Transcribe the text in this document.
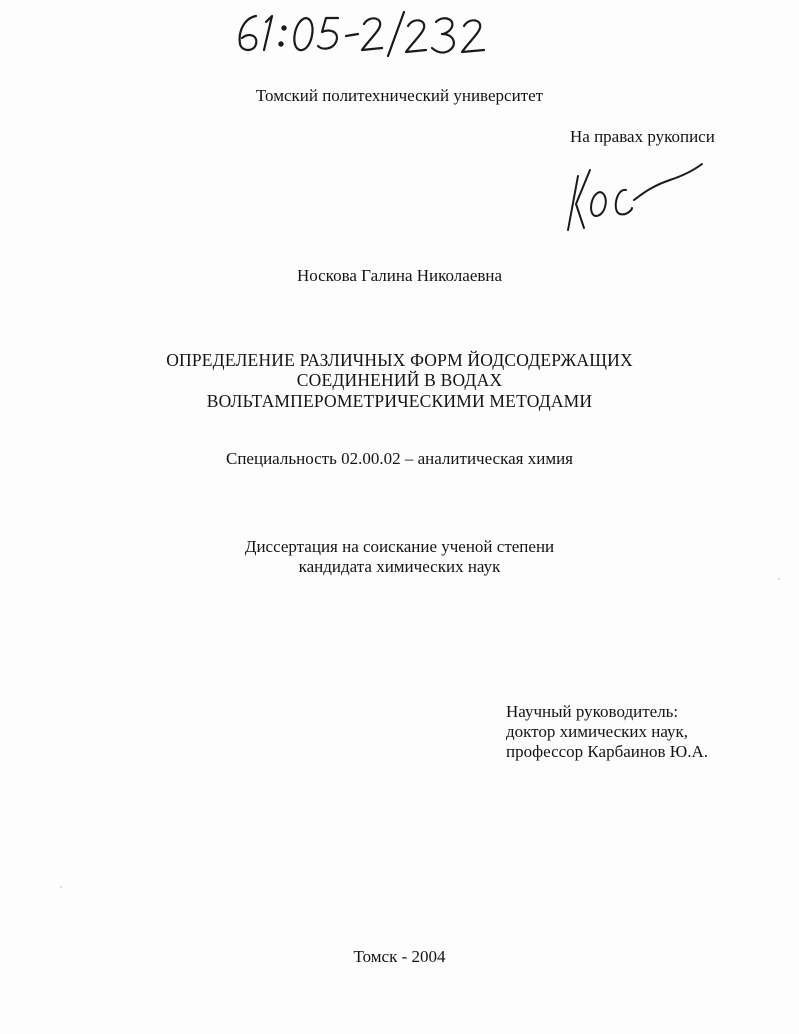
61:05-2/232
Томский политехнический университет
На правах рукописи
Кос
Носкова Галина Николаевна
ОПРЕДЕЛЕНИЕ РАЗЛИЧНЫХ ФОРМ ЙОДСОДЕРЖАЩИХ
СОЕДИНЕНИЙ В ВОДАХ
ВОЛЬТАМПЕРОМЕТРИЧЕСКИМИ МЕТОДАМИ
Специальность 02.00.02 – аналитическая химия
Диссертация на соискание ученой степени
кандидата химических наук
Научный руководитель:
доктор химических наук,
профессор Карбаинов Ю.А.
Томск - 2004
